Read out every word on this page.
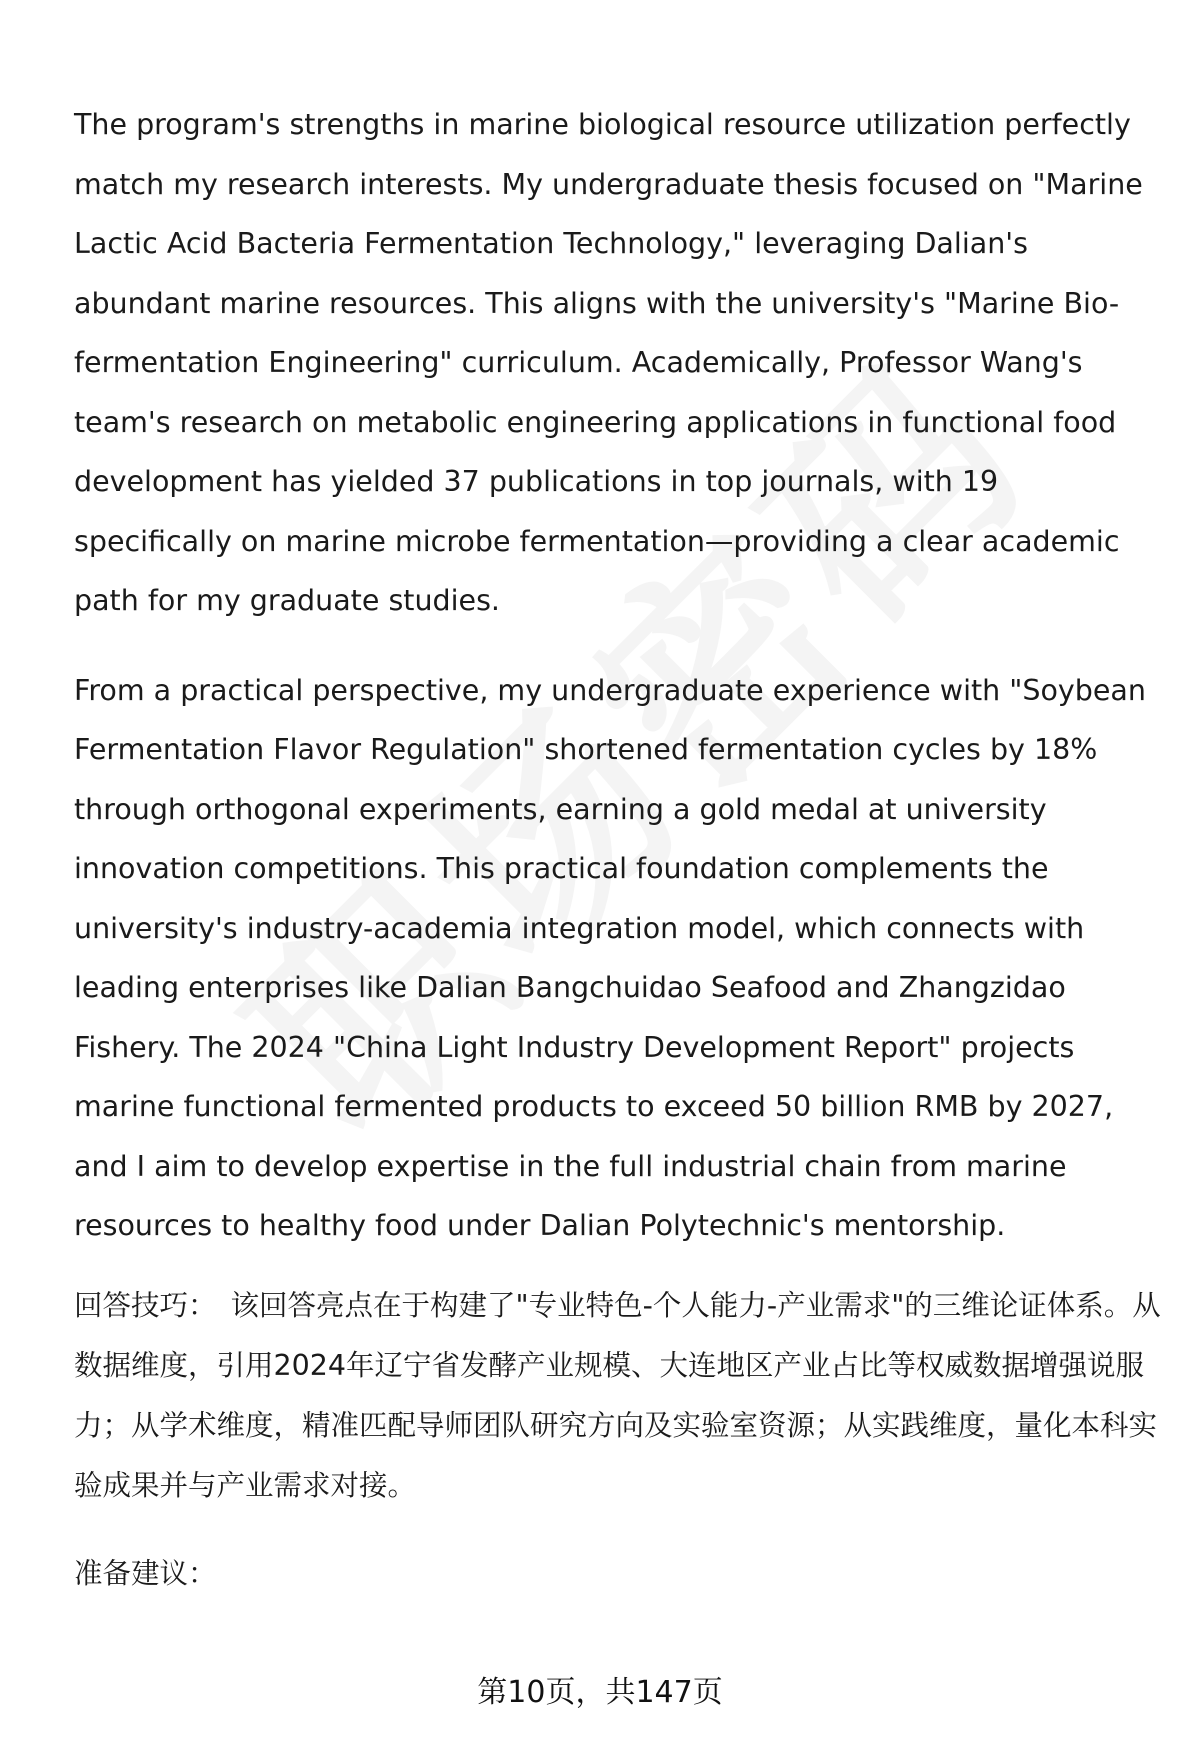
The program's strengths in marine biological resource utilization perfectly match my research interests. My undergraduate thesis focused on "Marine Lactic Acid Bacteria Fermentation Technology," leveraging Dalian's abundant marine resources. This aligns with the university's "Marine Bio-fermentation Engineering" curriculum. Academically, Professor Wang's team's research on metabolic engineering applications in functional food development has yielded 37 publications in top journals, with 19 specifically on marine microbe fermentation—providing a clear academic path for my graduate studies.

From a practical perspective, my undergraduate experience with "Soybean Fermentation Flavor Regulation" shortened fermentation cycles by 18% through orthogonal experiments, earning a gold medal at university innovation competitions. This practical foundation complements the university's industry-academia integration model, which connects with leading enterprises like Dalian Bangchuidao Seafood and Zhangzidao Fishery. The 2024 "China Light Industry Development Report" projects marine functional fermented products to exceed 50 billion RMB by 2027, and I aim to develop expertise in the full industrial chain from marine resources to healthy food under Dalian Polytechnic's mentorship.

回答技巧： 该回答亮点在于构建了"专业特色-个人能力-产业需求"的三维论证体系。从数据维度，引用2024年辽宁省发酵产业规模、大连地区产业占比等权威数据增强说服力；从学术维度，精准匹配导师团队研究方向及实验室资源；从实践维度，量化本科实验成果并与产业需求对接。

准备建议：

第10页，共147页
